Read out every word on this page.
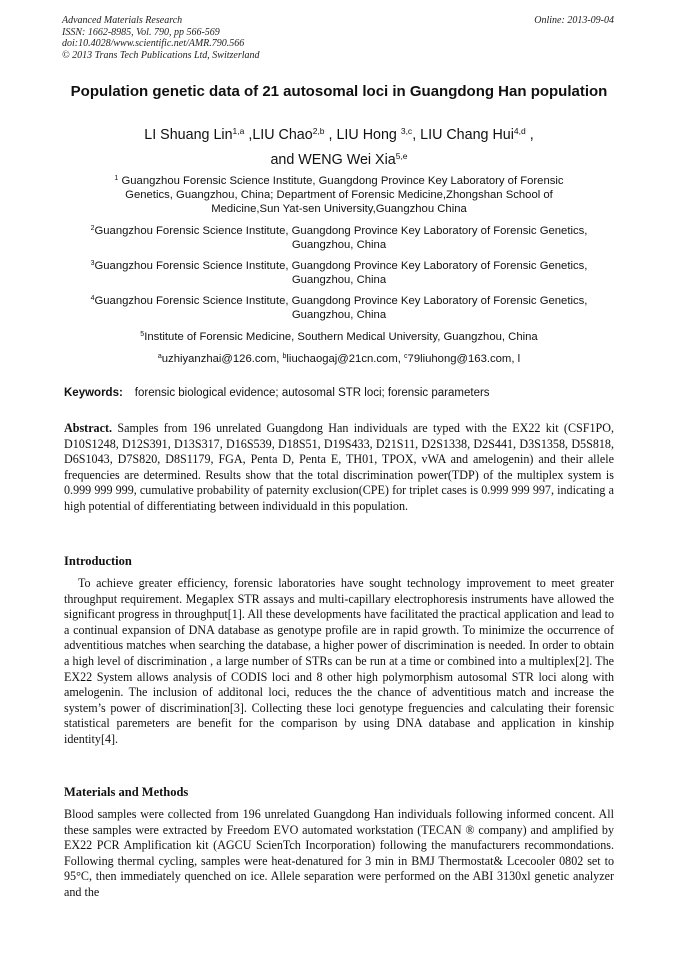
Advanced Materials Research
ISSN: 1662-8985, Vol. 790, pp 566-569
doi:10.4028/www.scientific.net/AMR.790.566
© 2013 Trans Tech Publications Ltd, Switzerland
Online: 2013-09-04
Population genetic data of 21 autosomal loci in Guangdong Han population
LI Shuang Lin$^{1,a}$ ,LIU Chao$^{2,b}$ , LIU Hong $^{3,c}$, LIU Chang Hui$^{4,d}$ ,
and WENG Wei Xia$^{5,e}$
$^1$ Guangzhou Forensic Science Institute, Guangdong Province Key Laboratory of Forensic Genetics, Guangzhou, China; Department of Forensic Medicine,Zhongshan School of Medicine,Sun Yat-sen University,Guangzhou China
$^2$Guangzhou Forensic Science Institute, Guangdong Province Key Laboratory of Forensic Genetics, Guangzhou, China
$^3$Guangzhou Forensic Science Institute, Guangdong Province Key Laboratory of Forensic Genetics, Guangzhou, China
$^4$Guangzhou Forensic Science Institute, Guangdong Province Key Laboratory of Forensic Genetics, Guangzhou, China
$^5$Institute of Forensic Medicine, Southern Medical University, Guangzhou, China
$^a$uzhiyanzhai@126.com, $^b$liuchaogaj@21cn.com, $^c$79liuhong@163.com, l
Keywords: forensic biological evidence; autosomal STR loci; forensic parameters
Abstract. Samples from 196 unrelated Guangdong Han individuals are typed with the EX22 kit (CSF1PO, D10S1248, D12S391, D13S317, D16S539, D18S51, D19S433, D21S11, D2S1338, D2S441, D3S1358, D5S818, D6S1043, D7S820, D8S1179, FGA, Penta D, Penta E, TH01, TPOX, vWA and amelogenin) and their allele frequencies are determined. Results show that the total discrimination power(TDP) of the multiplex system is 0.999 999 999, cumulative probability of paternity exclusion(CPE) for triplet cases is 0.999 999 997, indicating a high potential of differentiating between individuald in this population.
Introduction
To achieve greater efficiency, forensic laboratories have sought technology improvement to meet greater throughput requirement. Megaplex STR assays and multi-capillary electrophoresis instruments have allowed the significant progress in throughput[1]. All these developments have facilitated the practical application and lead to a continual expansion of DNA database as genotype profile are in rapid growth. To minimize the occurrence of adventitious matches when searching the database, a higher power of discrimination is needed. In order to obtain a high level of discrimination , a large number of STRs can be run at a time or combined into a multiplex[2]. The EX22 System allows analysis of CODIS loci and 8 other high polymorphism autosomal STR loci along with amelogenin. The inclusion of additonal loci, reduces the the chance of adventitious match and increase the system’s power of discrimination[3]. Collecting these loci genotype freguencies and calculating their forensic statistical paremeters are benefit for the comparison by using DNA database and application in kinship identity[4].
Materials and Methods
Blood samples were collected from 196 unrelated Guangdong Han individuals following informed concent. All these samples were extracted by Freedom EVO automated workstation (TECAN ® company) and amplified by EX22 PCR Amplification kit (AGCU ScienTch Incorporation) following the manufacturers recommondations. Following thermal cycling, samples were heat-denatured for 3 min in BMJ Thermostat& Lcecooler 0802 set to 95°C, then immediately quenched on ice. Allele separation were performed on the ABI 3130xl genetic analyzer and the
